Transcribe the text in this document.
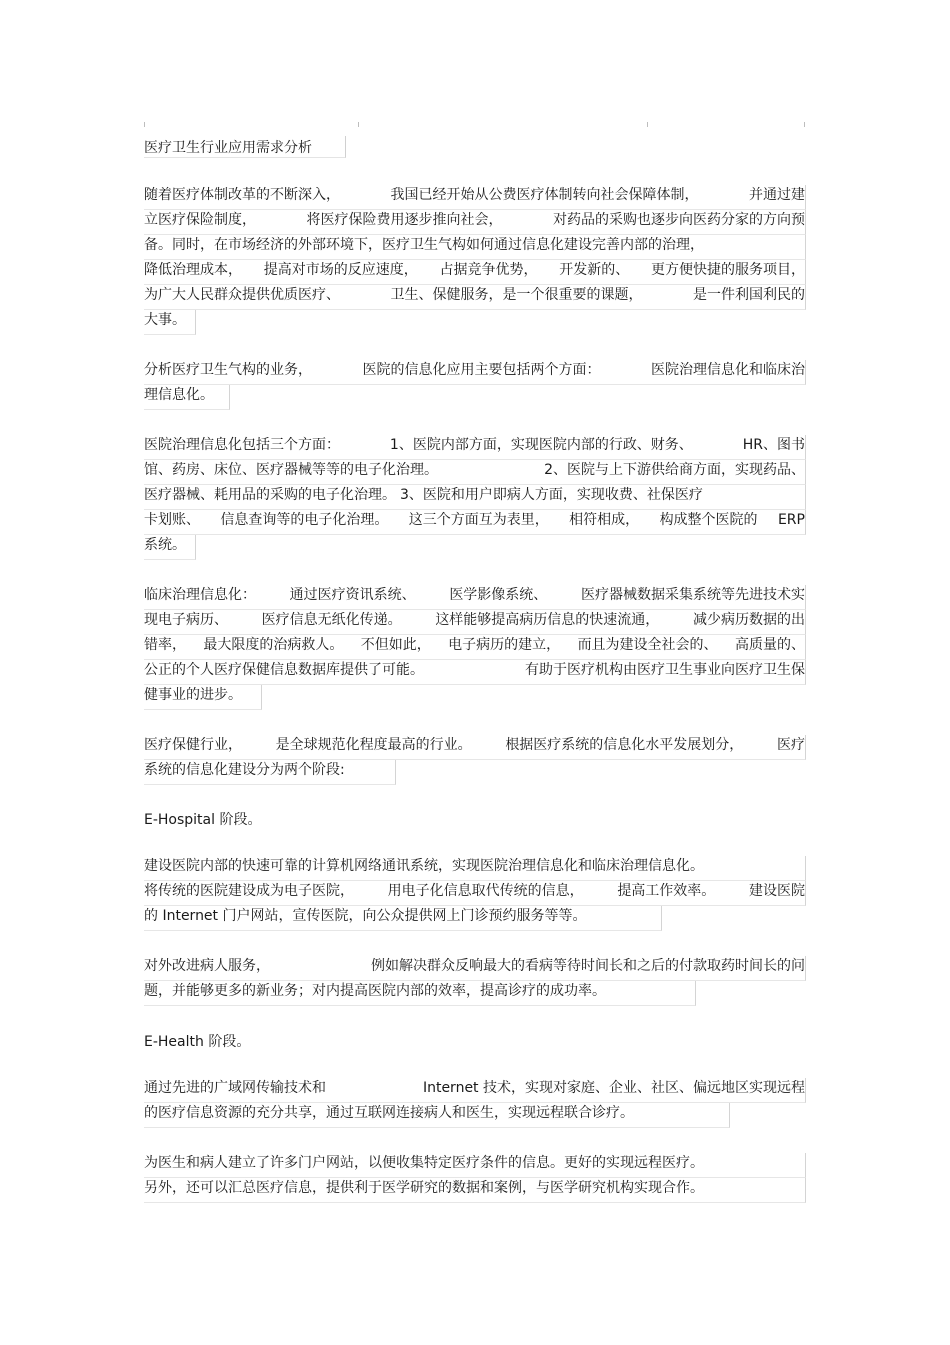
医疗卫生行业应用需求分析
随着医疗体制改革的不断深入，	我国已经开始从公费医疗体制转向社会保障体制，	并通过建
立医疗保险制度，	将医疗保险费用逐步推向社会，	对药品的采购也逐步向医药分家的方向预
备。同时，在市场经济的外部环境下，医疗卫生气构如何通过信息化建设完善内部的治理，
降低治理成本， 提高对市场的反应速度， 占据竞争优势， 开发新的、 更方便快捷的服务项目，
为广大人民群众提供优质医疗、	卫生、保健服务，是一个很重要的课题，	是一件利国利民的
大事。
分析医疗卫生气构的业务，	医院的信息化应用主要包括两个方面：	医院治理信息化和临床治
理信息化。
医院治理信息化包括三个方面：	1、医院内部方面，实现医院内部的行政、财务、	HR、图书
馆、药房、床位、医疗器械等等的电子化治理。	2、医院与上下游供给商方面，实现药品、
医疗器械、耗用品的采购的电子化治理。 3、医院和用户即病人方面，实现收费、社保医疗
卡划账、 信息查询等的电子化治理。 这三个方面互为表里， 相符相成， 构成整个医院的 ERP
系统。
临床治理信息化： 通过医疗资讯系统、 医学影像系统、 医疗器械数据采集系统等先进技术实
现电子病历、 医疗信息无纸化传递。 这样能够提高病历信息的快速流通， 减少病历数据的出
错率， 最大限度的治病救人。 不但如此， 电子病历的建立， 而且为建设全社会的、 高质量的、
公正的个人医疗保健信息数据库提供了可能。	有助于医疗机构由医疗卫生事业向医疗卫生保
健事业的进步。
医疗保健行业， 是全球规范化程度最高的行业。 根据医疗系统的信息化水平发展划分， 医疗
系统的信息化建设分为两个阶段:
E-Hospital 阶段。
建设医院内部的快速可靠的计算机网络通讯系统，实现医院治理信息化和临床治理信息化。
将传统的医院建设成为电子医院， 用电子化信息取代传统的信息， 提高工作效率。 建设医院
的 Internet 门户网站，宣传医院，向公众提供网上门诊预约服务等等。
对外改进病人服务，	例如解决群众反响最大的看病等待时间长和之后的付款取药时间长的问
题，并能够更多的新业务；对内提高医院内部的效率，提高诊疗的成功率。
E-Health 阶段。
通过先进的广域网传输技术和	Internet 技术，实现对家庭、企业、社区、偏远地区实现远程
的医疗信息资源的充分共享，通过互联网连接病人和医生，实现远程联合诊疗。
为医生和病人建立了许多门户网站，以便收集特定医疗条件的信息。更好的实现远程医疗。
另外，还可以汇总医疗信息，提供利于医学研究的数据和案例，与医学研究机构实现合作。
